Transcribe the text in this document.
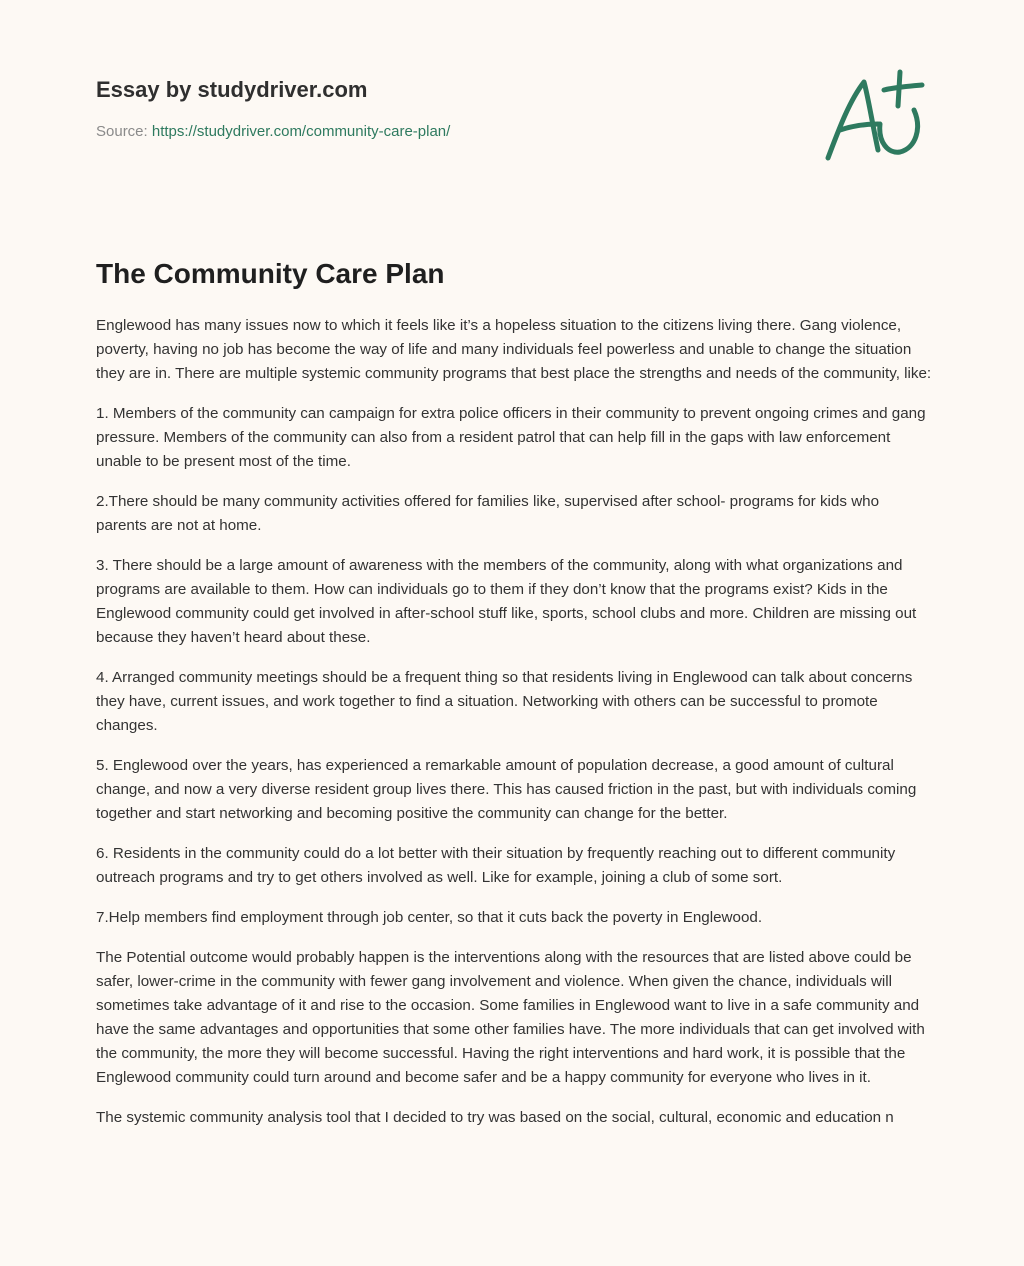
Essay by studydriver.com
Source: https://studydriver.com/community-care-plan/
The Community Care Plan

Englewood has many issues now to which it feels like it’s a hopeless situation to the citizens living there. Gang violence, poverty, having no job has become the way of life and many individuals feel powerless and unable to change the situation they are in. There are multiple systemic community programs that best place the strengths and needs of the community, like:

1. Members of the community can campaign for extra police officers in their community to prevent ongoing crimes and gang pressure. Members of the community can also from a resident patrol that can help fill in the gaps with law enforcement unable to be present most of the time.

2.There should be many community activities offered for families like, supervised after school- programs for kids who parents are not at home.

3. There should be a large amount of awareness with the members of the community, along with what organizations and programs are available to them. How can individuals go to them if they don’t know that the programs exist? Kids in the Englewood community could get involved in after-school stuff like, sports, school clubs and more. Children are missing out because they haven’t heard about these.

4. Arranged community meetings should be a frequent thing so that residents living in Englewood can talk about concerns they have, current issues, and work together to find a situation. Networking with others can be successful to promote changes.

5. Englewood over the years, has experienced a remarkable amount of population decrease, a good amount of cultural change, and now a very diverse resident group lives there. This has caused friction in the past, but with individuals coming together and start networking and becoming positive the community can change for the better.

6. Residents in the community could do a lot better with their situation by frequently reaching out to different community outreach programs and try to get others involved as well. Like for example, joining a club of some sort.

7.Help members find employment through job center, so that it cuts back the poverty in Englewood.

The Potential outcome would probably happen is the interventions along with the resources that are listed above could be safer, lower-crime in the community with fewer gang involvement and violence. When given the chance, individuals will sometimes take advantage of it and rise to the occasion. Some families in Englewood want to live in a safe community and have the same advantages and opportunities that some other families have. The more individuals that can get involved with the community, the more they will become successful. Having the right interventions and hard work, it is possible that the Englewood community could turn around and become safer and be a happy community for everyone who lives in it.

The systemic community analysis tool that I decided to try was based on the social, cultural, economic and education n
